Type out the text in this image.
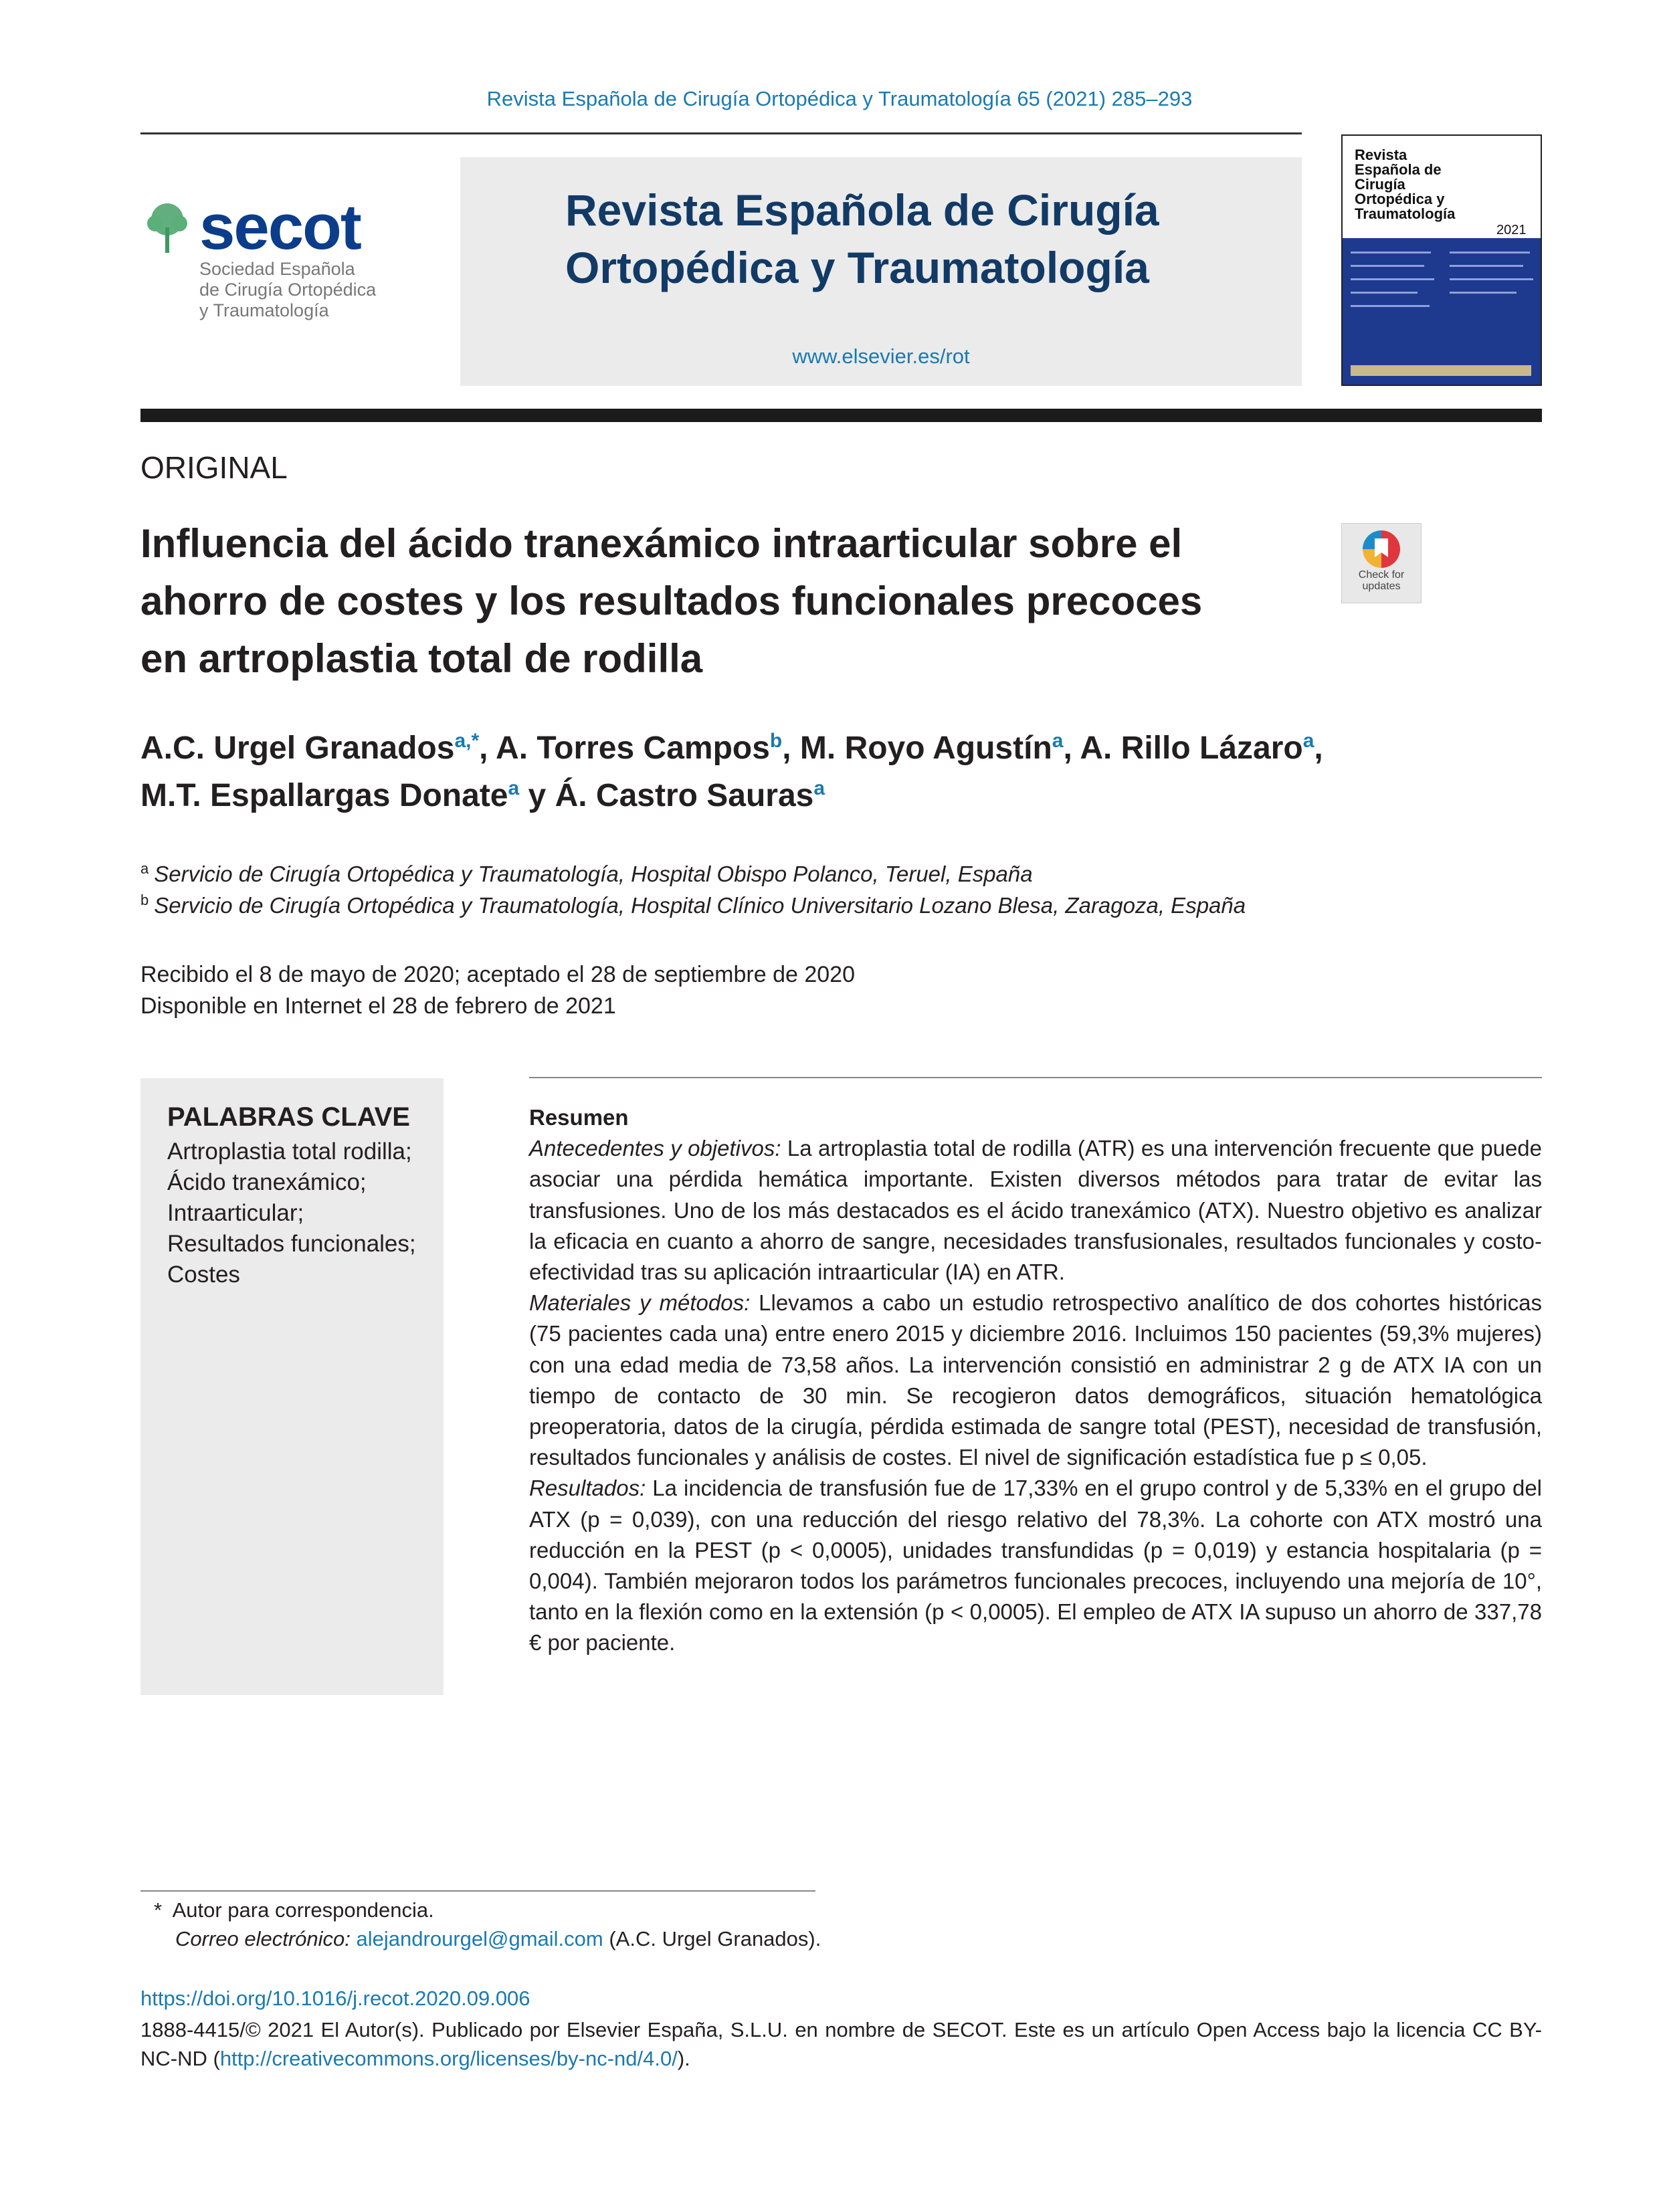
Revista Española de Cirugía Ortopédica y Traumatología 65 (2021) 285–293
secot
Sociedad Española
de Cirugía Ortopédica
y Traumatología
Revista Española de Cirugía
Ortopédica y Traumatología
www.elsevier.es/rot
Revista Española de Cirugía Ortopédica y Traumatología
2021
ORIGINAL
Influencia del ácido tranexámico intraarticular sobre el
ahorro de costes y los resultados funcionales precoces
en artroplastia total de rodilla
Check for
updates
A.C. Urgel Granados$^{a,*}$, A. Torres Campos$^b$, M. Royo Agustín$^a$, A. Rillo Lázaro$^a$,
M.T. Espallargas Donate$^a$ y Á. Castro Sauras$^a$
$^a$ Servicio de Cirugía Ortopédica y Traumatología, Hospital Obispo Polanco, Teruel, España
$^b$ Servicio de Cirugía Ortopédica y Traumatología, Hospital Clínico Universitario Lozano Blesa, Zaragoza, España
Recibido el 8 de mayo de 2020; aceptado el 28 de septiembre de 2020
Disponible en Internet el 28 de febrero de 2021
PALABRAS CLAVE
Artroplastia total rodilla;
Ácido tranexámico;
Intraarticular;
Resultados funcionales;
Costes

Resumen

Antecedentes y objetivos: La artroplastia total de rodilla (ATR) es una intervención frecuente que puede asociar una pérdida hemática importante. Existen diversos métodos para tratar de evitar las transfusiones. Uno de los más destacados es el ácido tranexámico (ATX). Nuestro objetivo es analizar la eficacia en cuanto a ahorro de sangre, necesidades transfusionales, resultados funcionales y costo-efectividad tras su aplicación intraarticular (IA) en ATR.

Materiales y métodos: Llevamos a cabo un estudio retrospectivo analítico de dos cohortes históricas (75 pacientes cada una) entre enero 2015 y diciembre 2016. Incluimos 150 pacientes (59,3% mujeres) con una edad media de 73,58 años. La intervención consistió en administrar 2 g de ATX IA con un tiempo de contacto de 30 min. Se recogieron datos demográficos, situación hematológica preoperatoria, datos de la cirugía, pérdida estimada de sangre total (PEST), necesidad de transfusión, resultados funcionales y análisis de costes. El nivel de significación estadística fue p ≤ 0,05.

Resultados: La incidencia de transfusión fue de 17,33% en el grupo control y de 5,33% en el grupo del ATX (p = 0,039), con una reducción del riesgo relativo del 78,3%. La cohorte con ATX mostró una reducción en la PEST (p < 0,0005), unidades transfundidas (p = 0,019) y estancia hospitalaria (p = 0,004). También mejoraron todos los parámetros funcionales precoces, incluyendo una mejoría de 10°, tanto en la flexión como en la extensión (p < 0,0005). El empleo de ATX IA supuso un ahorro de 337,78 € por paciente.

* Autor para correspondencia.
Correo electrónico: alejandrourgel@gmail.com (A.C. Urgel Granados).
https://doi.org/10.1016/j.recot.2020.09.006
1888-4415/© 2021 El Autor(s). Publicado por Elsevier España, S.L.U. en nombre de SECOT. Este es un artículo Open Access bajo la licencia CC BY-NC-ND (http://creativecommons.org/licenses/by-nc-nd/4.0/).
